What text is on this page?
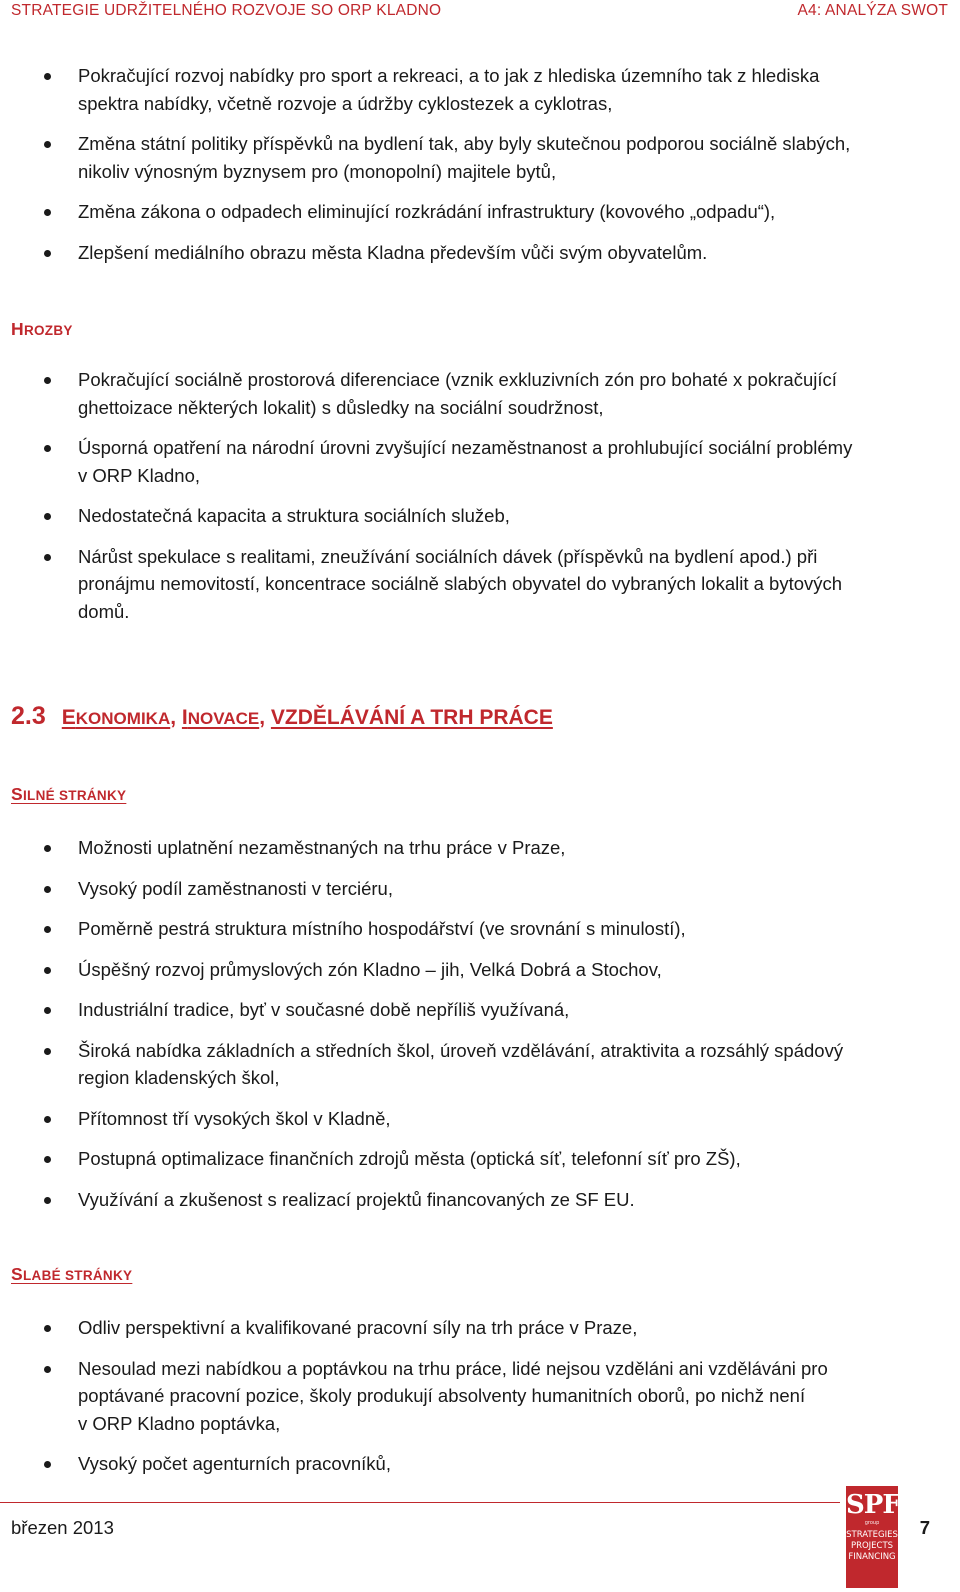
STRATEGIE UDRŽITELNÉHO ROZVOJE SO ORP KLADNO	A4: ANALÝZA SWOT
Pokračující rozvoj nabídky pro sport a rekreaci, a to jak z hlediska územního tak z hlediska
spektra nabídky, včetně rozvoje a údržby cyklostezek a cyklotras,
Změna státní politiky příspěvků na bydlení tak, aby byly skutečnou podporou sociálně slabých,
nikoliv výnosným byznysem pro (monopolní) majitele bytů,
Změna zákona o odpadech eliminující rozkrádání infrastruktury (kovového „odpadu“),
Zlepšení mediálního obrazu města Kladna především vůči svým obyvatelům.
HROZBY
Pokračující sociálně prostorová diferenciace (vznik exkluzivních zón pro bohaté x pokračující
ghettoizace některých lokalit) s důsledky na sociální soudržnost,
Úsporná opatření na národní úrovni zvyšující nezaměstnanost a prohlubující sociální problémy
v ORP Kladno,
Nedostatečná kapacita a struktura sociálních služeb,
Nárůst spekulace s realitami, zneužívání sociálních dávek (příspěvků na bydlení apod.) při
pronájmu nemovitostí, koncentrace sociálně slabých obyvatel do vybraných lokalit a bytových
domů.
2.3 EKONOMIKA, INOVACE, VZDĚLÁVÁNÍ A TRH PRÁCE
SILNÉ STRÁNKY
Možnosti uplatnění nezaměstnaných na trhu práce v Praze,
Vysoký podíl zaměstnanosti v terciéru,
Poměrně pestrá struktura místního hospodářství (ve srovnání s minulostí),
Úspěšný rozvoj průmyslových zón Kladno – jih, Velká Dobrá a Stochov,
Industriální tradice, byť v současné době nepříliš využívaná,
Široká nabídka základních a středních škol, úroveň vzdělávání, atraktivita a rozsáhlý spádový
region kladenských škol,
Přítomnost tří vysokých škol v Kladně,
Postupná optimalizace finančních zdrojů města (optická síť, telefonní síť pro ZŠ),
Využívání a zkušenost s realizací projektů financovaných ze SF EU.
SLABÉ STRÁNKY
Odliv perspektivní a kvalifikované pracovní síly na trh práce v Praze,
Nesoulad mezi nabídkou a poptávkou na trhu práce, lidé nejsou vzděláni ani vzděláváni pro
poptávané pracovní pozice, školy produkují absolventy humanitních oborů, po nichž není
v ORP Kladno poptávka,
Vysoký počet agenturních pracovníků,
březen 2013
SPF
group
STRATEGIES
PROJECTS
FINANCING
7
